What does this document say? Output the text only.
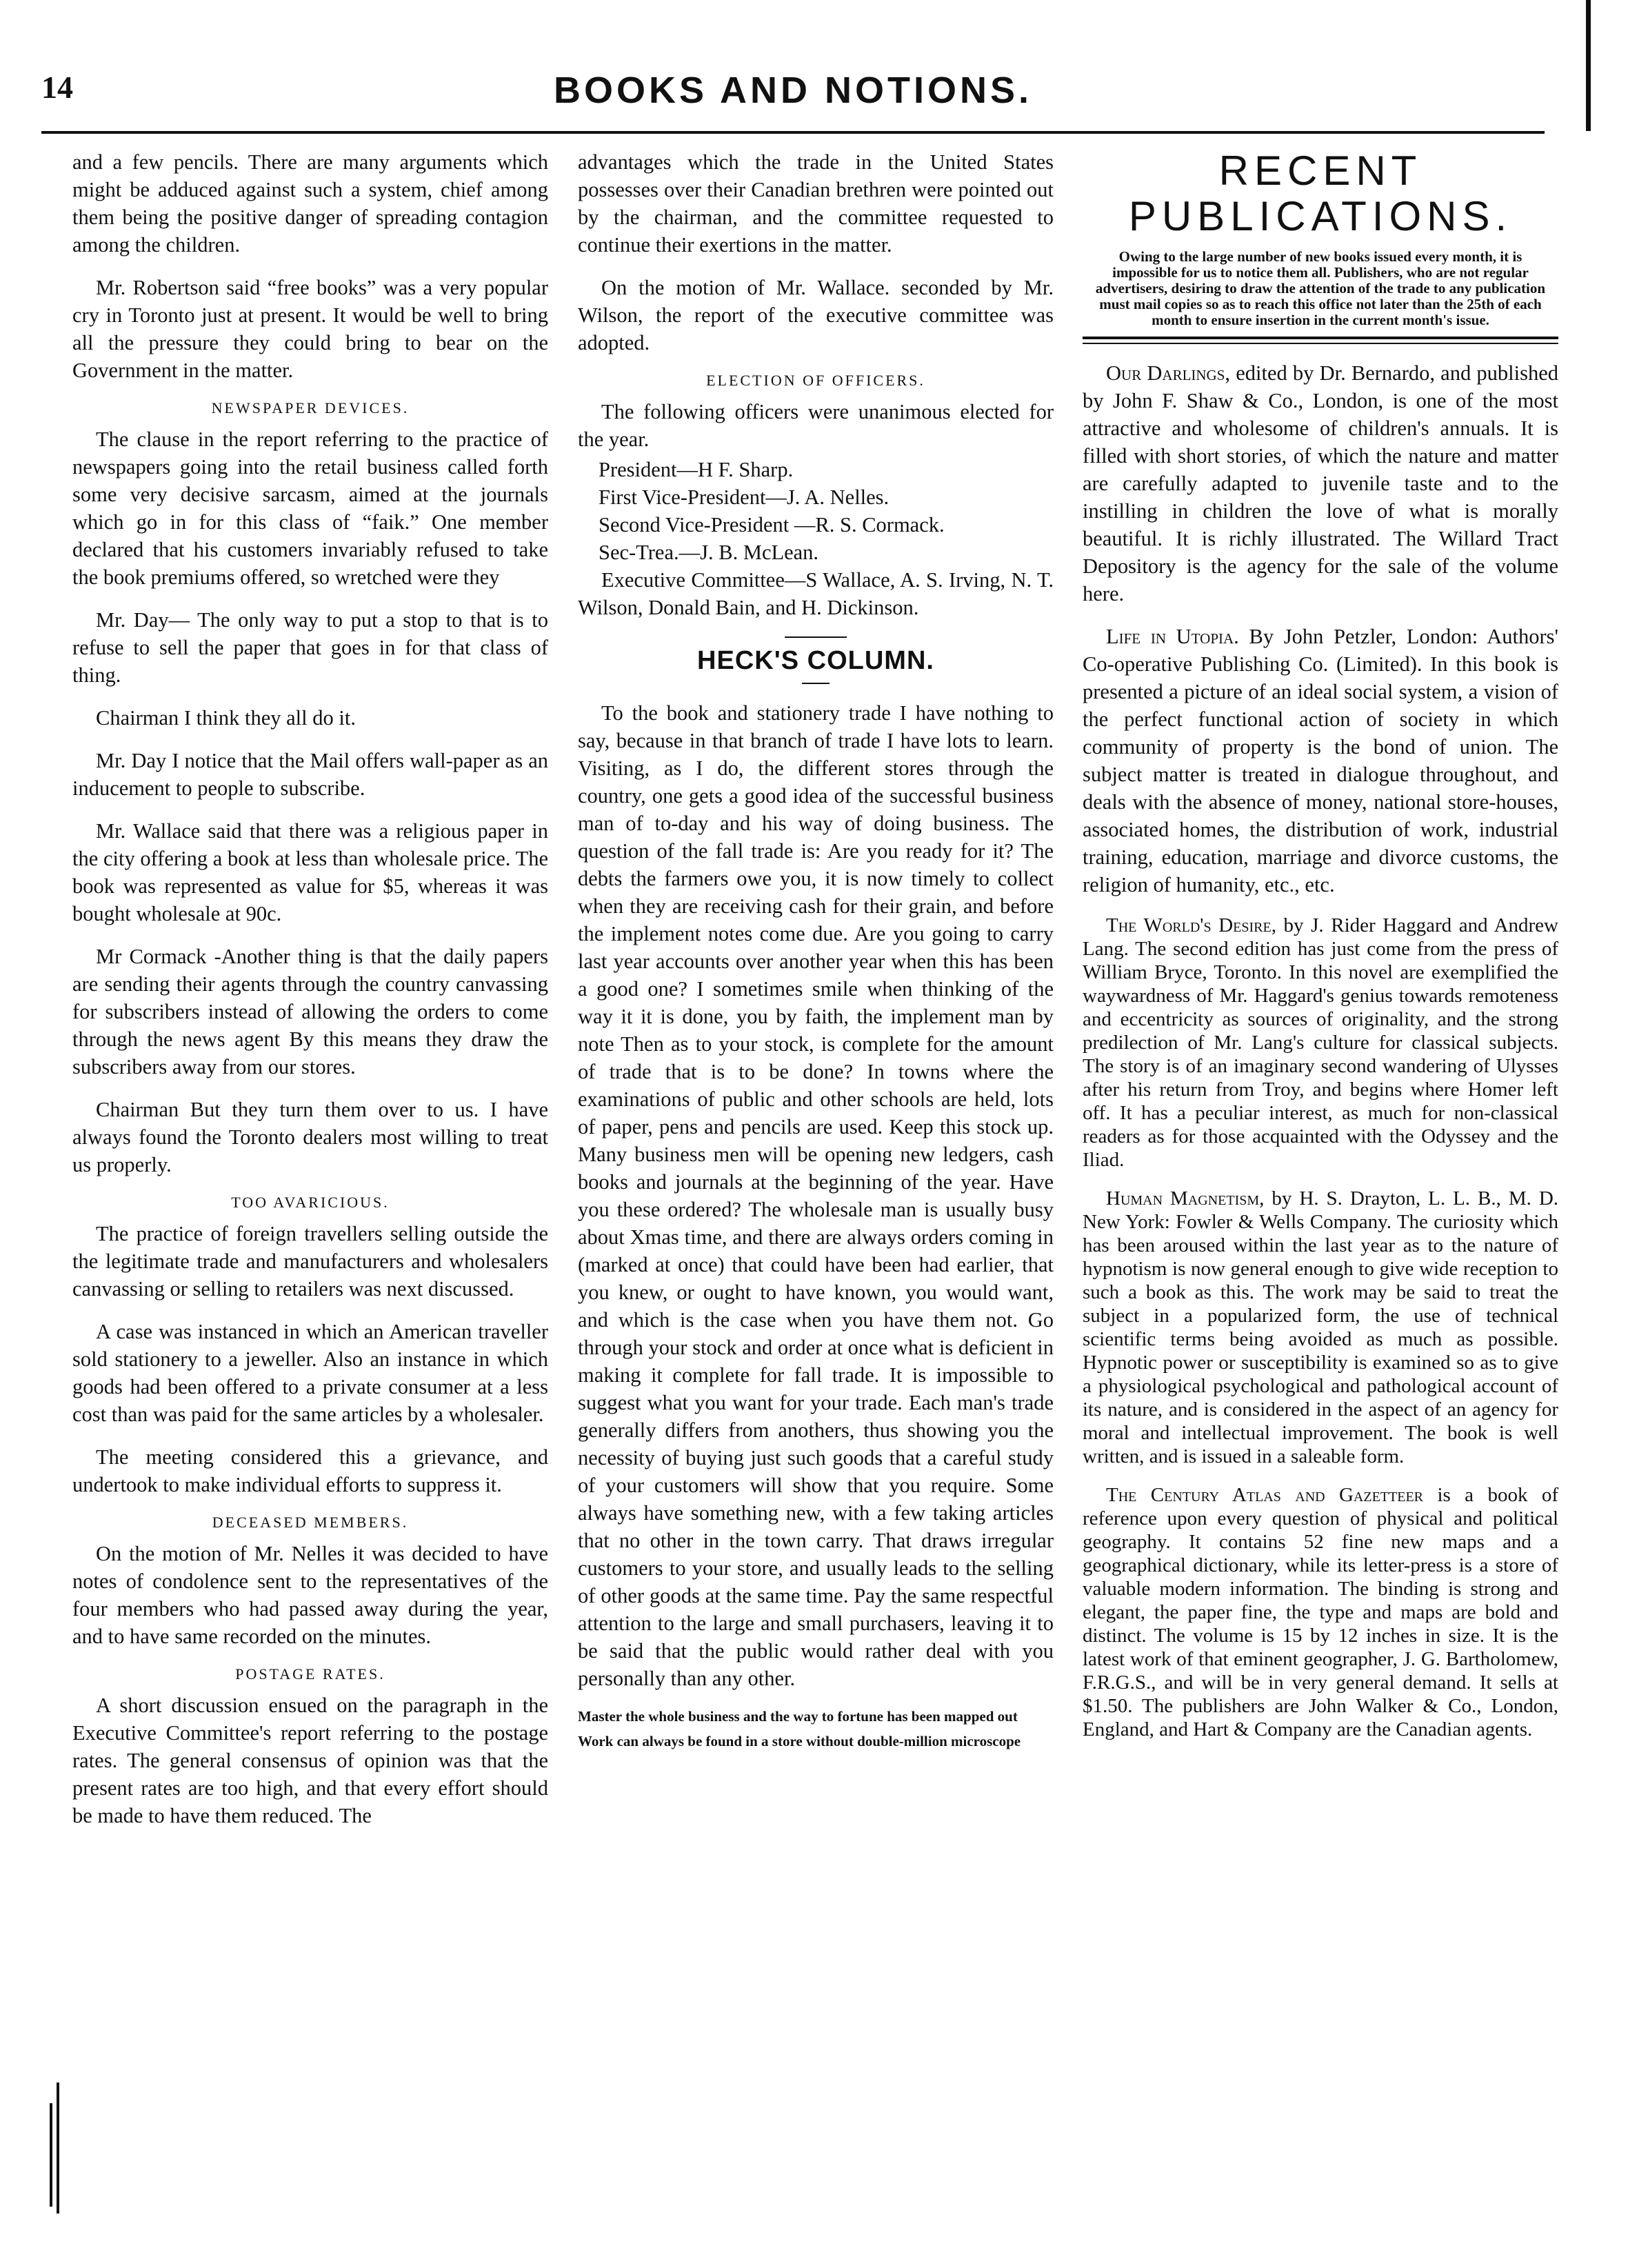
14	BOOKS AND NOTIONS.

and a few pencils. There are many arguments which might be adduced against such a system, chief among them being the positive danger of spreading contagion among the children.

Mr. Robertson said “free books” was a very popular cry in Toronto just at present. It would be well to bring all the pressure they could bring to bear on the Government in the matter.

NEWSPAPER DEVICES.

The clause in the report referring to the practice of newspapers going into the retail business called forth some very decisive sarcasm, aimed at the journals which go in for this class of “faik.” One member declared that his customers invariably refused to take the book premiums offered, so wretched were they

Mr. Day— The only way to put a stop to that is to refuse to sell the paper that goes in for that class of thing.

Chairman I think they all do it.

Mr. Day I notice that the Mail offers wall-paper as an inducement to people to subscribe.

Mr. Wallace said that there was a religious paper in the city offering a book at less than wholesale price. The book was represented as value for $5, whereas it was bought wholesale at 90c.

Mr Cormack -Another thing is that the daily papers are sending their agents through the country canvassing for subscribers instead of allowing the orders to come through the news agent By this means they draw the subscribers away from our stores.

Chairman But they turn them over to us. I have always found the Toronto dealers most willing to treat us properly.

TOO AVARICIOUS.

The practice of foreign travellers selling outside the the legitimate trade and manufacturers and wholesalers canvassing or selling to retailers was next discussed.

A case was instanced in which an American traveller sold stationery to a jeweller. Also an instance in which goods had been offered to a private consumer at a less cost than was paid for the same articles by a wholesaler.

The meeting considered this a grievance, and undertook to make individual efforts to suppress it.

DECEASED MEMBERS.

On the motion of Mr. Nelles it was decided to have notes of condolence sent to the representatives of the four members who had passed away during the year, and to have same recorded on the minutes.

POSTAGE RATES.

A short discussion ensued on the paragraph in the Executive Committee's report referring to the postage rates. The general consensus of opinion was that the present rates are too high, and that every effort should be made to have them reduced. The

advantages which the trade in the United States possesses over their Canadian brethren were pointed out by the chairman, and the committee requested to continue their exertions in the matter.

On the motion of Mr. Wallace. seconded by Mr. Wilson, the report of the executive committee was adopted.

ELECTION OF OFFICERS.

The following officers were unanimous elected for the year.

President—H F. Sharp.
First Vice-President—J. A. Nelles.
Second Vice-President —R. S. Cormack.
Sec-Trea.—J. B. McLean.

Executive Committee—S Wallace, A. S. Irving, N. T. Wilson, Donald Bain, and H. Dickinson.

HECK'S COLUMN.

To the book and stationery trade I have nothing to say, because in that branch of trade I have lots to learn. Visiting, as I do, the different stores through the country, one gets a good idea of the successful business man of to-day and his way of doing business. The question of the fall trade is: Are you ready for it? The debts the farmers owe you, it is now timely to collect when they are receiving cash for their grain, and before the implement notes come due. Are you going to carry last year accounts over another year when this has been a good one? I sometimes smile when thinking of the way it it is done, you by faith, the implement man by note Then as to your stock, is complete for the amount of trade that is to be done? In towns where the examinations of public and other schools are held, lots of paper, pens and pencils are used. Keep this stock up. Many business men will be opening new ledgers, cash books and journals at the beginning of the year. Have you these ordered? The wholesale man is usually busy about Xmas time, and there are always orders coming in (marked at once) that could have been had earlier, that you knew, or ought to have known, you would want, and which is the case when you have them not. Go through your stock and order at once what is deficient in making it complete for fall trade. It is impossible to suggest what you want for your trade. Each man's trade generally differs from anothers, thus showing you the necessity of buying just such goods that a careful study of your customers will show that you require. Some always have something new, with a few taking articles that no other in the town carry. That draws irregular customers to your store, and usually leads to the selling of other goods at the same time. Pay the same respectful attention to the large and small purchasers, leaving it to be said that the public would rather deal with you personally than any other.

Master the whole business and the way to fortune has been mapped out
Work can always be found in a store without double-million microscope
RECENT
PUBLICATIONS.
Owing to the large number of new books issued every month, it is impossible for us to notice them all. Publishers, who are not regular advertisers, desiring to draw the attention of the trade to any publication must mail copies so as to reach this office not later than the 25th of each month to ensure insertion in the current month's issue.

Our Darlings, edited by Dr. Bernardo, and published by John F. Shaw & Co., London, is one of the most attractive and wholesome of children's annuals. It is filled with short stories, of which the nature and matter are carefully adapted to juvenile taste and to the instilling in children the love of what is morally beautiful. It is richly illustrated. The Willard Tract Depository is the agency for the sale of the volume here.

Life in Utopia. By John Petzler, London: Authors' Co-operative Publishing Co. (Limited). In this book is presented a picture of an ideal social system, a vision of the perfect functional action of society in which community of property is the bond of union. The subject matter is treated in dialogue throughout, and deals with the absence of money, national store-houses, associated homes, the distribution of work, industrial training, education, marriage and divorce customs, the religion of humanity, etc., etc.

The World's Desire, by J. Rider Haggard and Andrew Lang. The second edition has just come from the press of William Bryce, Toronto. In this novel are exemplified the waywardness of Mr. Haggard's genius towards remoteness and eccentricity as sources of originality, and the strong predilection of Mr. Lang's culture for classical subjects. The story is of an imaginary second wandering of Ulysses after his return from Troy, and begins where Homer left off. It has a peculiar interest, as much for non-classical readers as for those acquainted with the Odyssey and the Iliad.

Human Magnetism, by H. S. Drayton, L. L. B., M. D. New York: Fowler & Wells Company. The curiosity which has been aroused within the last year as to the nature of hypnotism is now general enough to give wide reception to such a book as this. The work may be said to treat the subject in a popularized form, the use of technical scientific terms being avoided as much as possible. Hypnotic power or susceptibility is examined so as to give a physiological psychological and pathological account of its nature, and is considered in the aspect of an agency for moral and intellectual improvement. The book is well written, and is issued in a saleable form.

The Century Atlas and Gazetteer is a book of reference upon every question of physical and political geography. It contains 52 fine new maps and a geographical dictionary, while its letter-press is a store of valuable modern information. The binding is strong and elegant, the paper fine, the type and maps are bold and distinct. The volume is 15 by 12 inches in size. It is the latest work of that eminent geographer, J. G. Bartholomew, F.R.G.S., and will be in very general demand. It sells at $1.50. The publishers are John Walker & Co., London, England, and Hart & Company are the Canadian agents.
